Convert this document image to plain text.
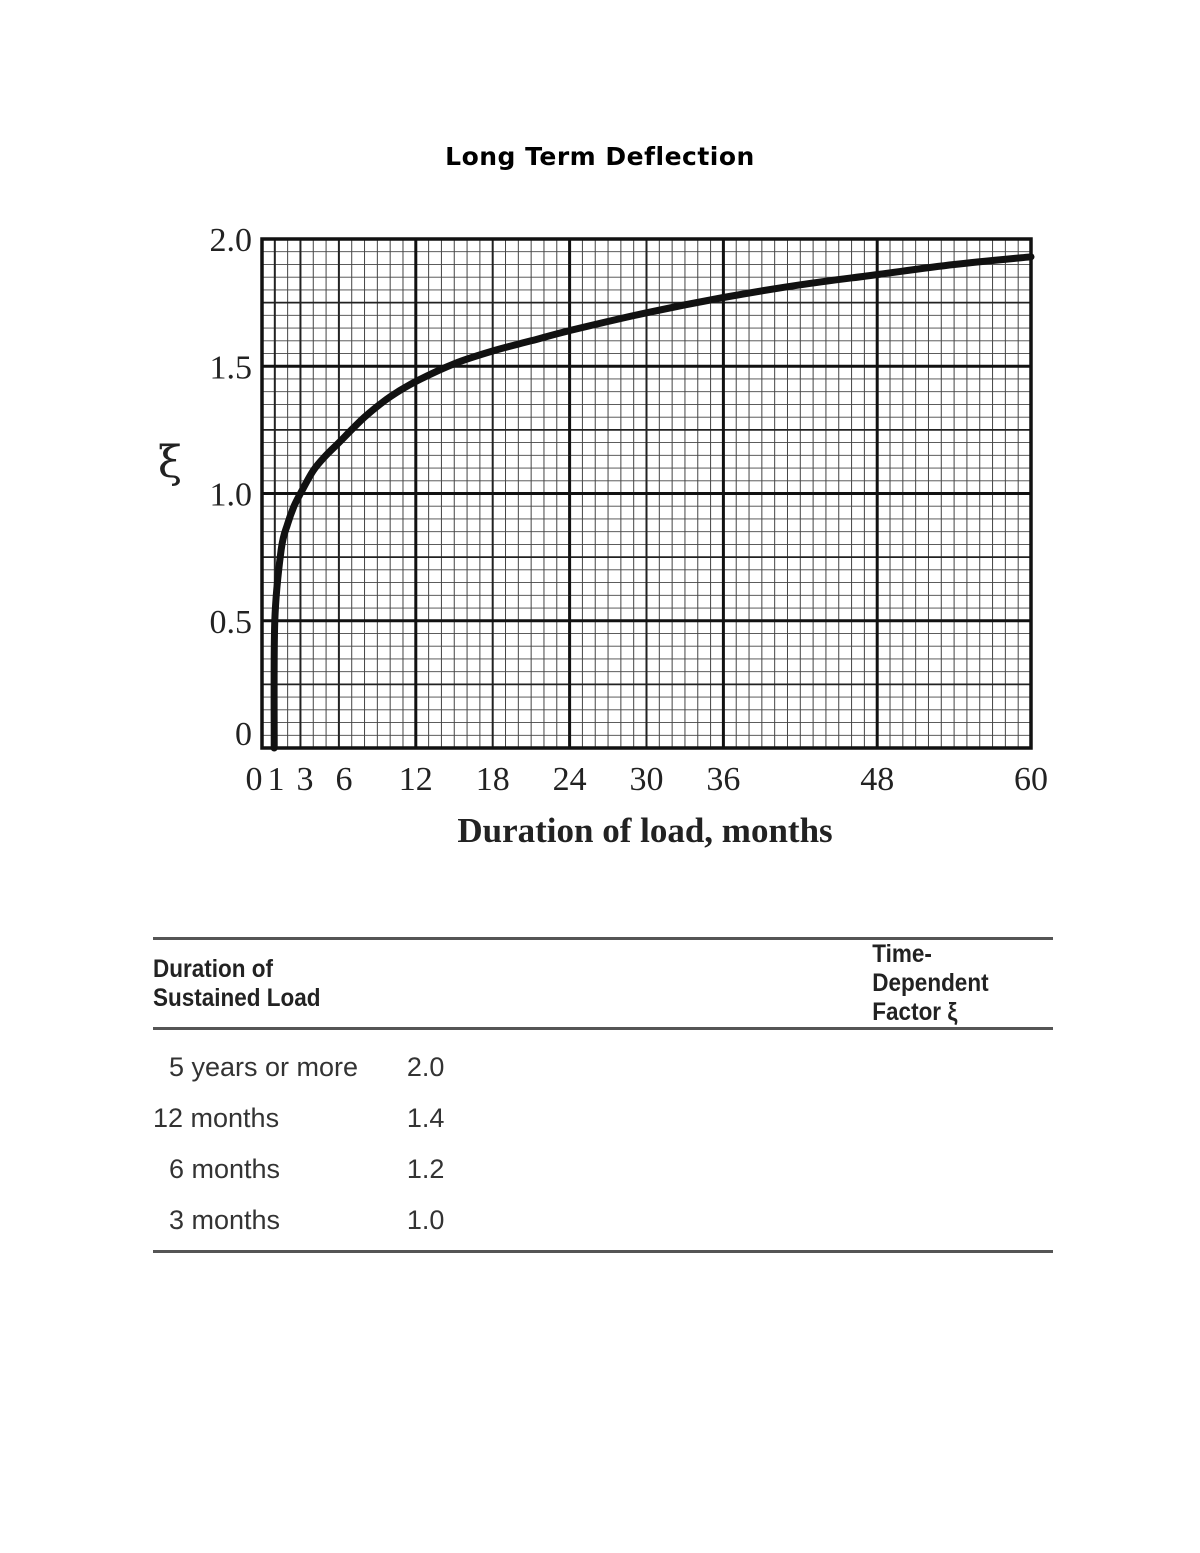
Long Term Deflection
0 1 3 6 12 18 24 30 36	48	60
0
0.5
1.0
1.5
2.0
ξ
Duration of load, months
Duration of Sustained Load	Time-Dependent Factor ξ
5 years or more	2.0
12 months	1.4
6 months	1.2
3 months	1.0
